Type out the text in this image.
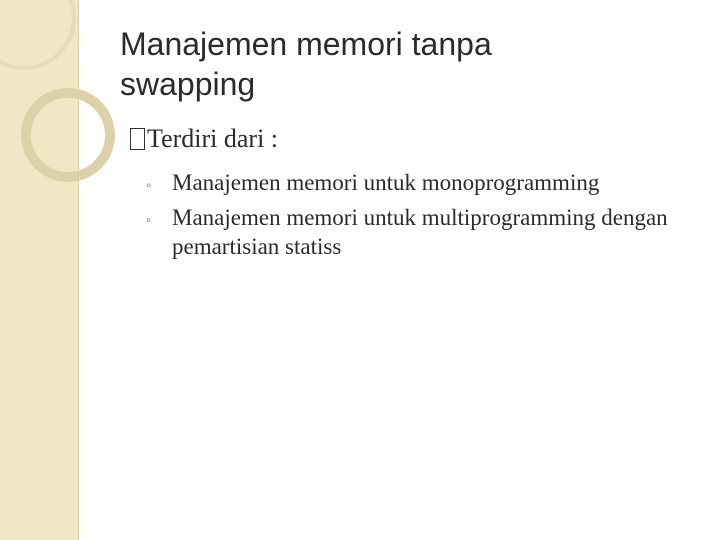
Manajemen memori tanpa
swapping
Terdiri dari :
◦ Manajemen memori untuk monoprogramming
◦ Manajemen memori untuk multiprogramming dengan pemartisian statiss
